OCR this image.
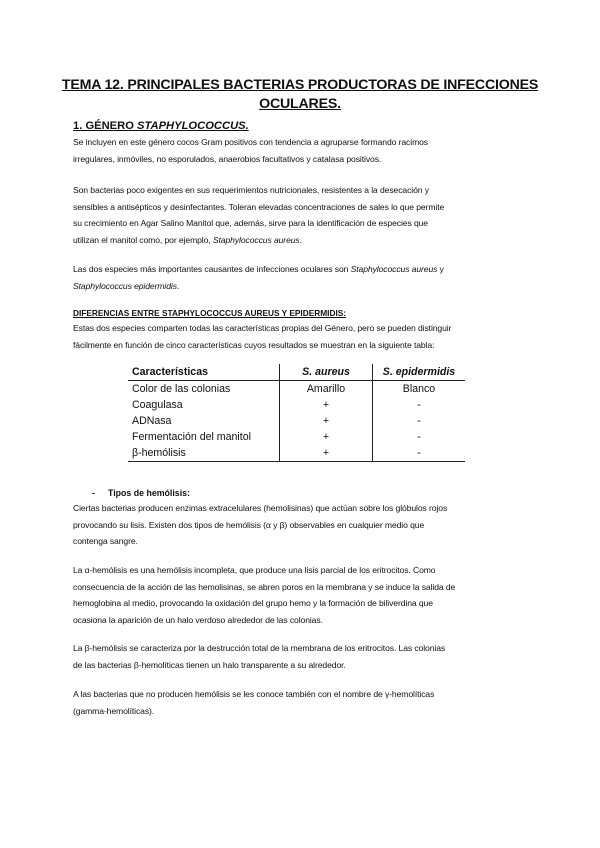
TEMA 12. PRINCIPALES BACTERIAS PRODUCTORAS DE INFECCIONES
OCULARES.
1. GÉNERO STAPHYLOCOCCUS.
Se incluyen en este género cocos Gram positivos con tendencia a agruparse formando racimos
irregulares, inmóviles, no esporulados, anaerobios facultativos y catalasa positivos.
Son bacterias poco exigentes en sus requerimientos nutricionales, resistentes a la desecación y
sensibles a antisépticos y desinfectantes. Toleran elevadas concentraciones de sales lo que permite
su crecimiento en Agar Salino Manitol que, además, sirve para la identificación de especies que
utilizan el manitol como, por ejemplo, Staphylococcus aureus.
Las dos especies más importantes causantes de infecciones oculares son Staphylococcus aureus y
Staphylococcus epidermidis.
DIFERENCIAS ENTRE STAPHYLOCOCCUS AUREUS Y EPIDERMIDIS:
Estas dos especies comparten todas las características propias del Género, pero se pueden distinguir
fácilmente en función de cinco características cuyos resultados se muestran en la siguiente tabla:
Características	S. aureus	S. epidermidis
Color de las colonias	Amarillo	Blanco
Coagulasa	+	-
ADNasa	+	-
Fermentación del manitol	+	-
β-hemólisis	+	-
- Tipos de hemólisis:
Ciertas bacterias producen enzimas extracelulares (hemolisinas) que actúan sobre los glóbulos rojos
provocando su lisis. Existen dos tipos de hemólisis (α y β) observables en cualquier medio que
contenga sangre.
La α-hemólisis es una hemólisis incompleta, que produce una lisis parcial de los eritrocitos. Como
consecuencia de la acción de las hemolisinas, se abren poros en la membrana y se induce la salida de
hemoglobina al medio, provocando la oxidación del grupo hemo y la formación de biliverdina que
ocasiona la aparición de un halo verdoso alrededor de las colonias.
La β-hemólisis se caracteriza por la destrucción total de la membrana de los eritrocitos. Las colonias
de las bacterias β-hemolíticas tienen un halo transparente a su alrededor.
A las bacterias que no producen hemólisis se les conoce también con el nombre de γ-hemolíticas
(gamma-hemolíticas).
